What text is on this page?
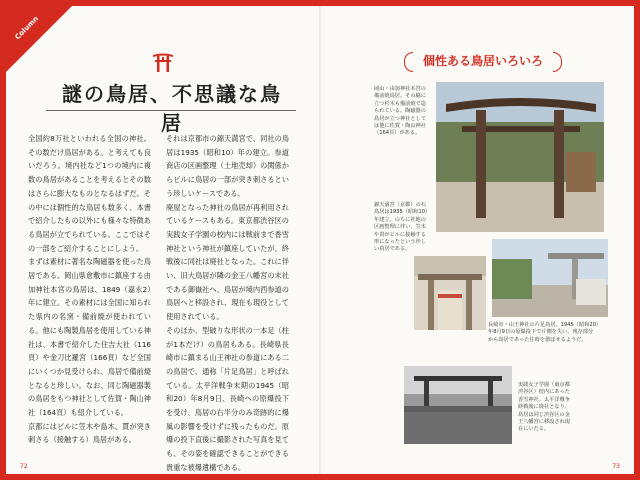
Column
謎の鳥居、不思議な鳥居

全国約8万社といわれる全国の神社。その数だけ鳥居がある。と考えても良いだろう。境内社など1つの境内に複数の鳥居があることを考えるとその数はさらに膨大なものとなるはずだ。その中には個性的な鳥居も数多く、本書で紹介したもの以外にも様々な特徴ある鳥居が立てられている。ここではその一部をご紹介することにしよう。

まずは素材に著名な陶磁器を使った鳥居である。岡山県倉敷市に鎮座する由加神社本宮の鳥居は、1849（嘉永2）年に建立。その素材には全国に知られた県内の名窯・備前焼が使われている。他にも陶製鳥居を使用している神社は、本書で紹介した住吉大社（116頁）や金刀比羅宮（166頁）など全国にいくつか見受けられ、鳥居で備前焼となると珍しい。なお、同じ陶磁器製の鳥居をもつ神社として佐賀・陶山神社（164頁）も紹介している。

京都にはビルに笠木や島木、貫が突き刺さる（接触する）鳥居がある。

それは京都市の錦天満宮で、同社の鳥居は1935（昭和10）年の建立。参道商店の区画整理（土地売却）の関係からビルに鳥居の一部が突き刺さるという珍しいケースである。

廃屋となった神社の鳥居が再利用されているケースもある。東京都渋谷区の実践女子学園の校内には戦前まで香雪神社という神社が鎮座していたが、終戦後に同社は廃社となった。これに伴い、旧大鳥居が隣の金王八幡宮の末社である御嶽社へ、鳥居が境内西参道の鳥居へと移設され、現在も現役として使用されている。

そのほか、型破りな形状の一本足（柱が1本だけ）の鳥居もある。長崎県長崎市に鎮まる山王神社の参道にある二の鳥居で、通称「片足鳥居」と呼ばれている。太平洋戦争末期の1945（昭和20）年8月9日、長崎への原爆投下を受け、鳥居の右半分のみ奇跡的に爆風の影響を受けずに残ったものだ。原爆の投下直後に撮影された写真を見ても、その姿を確認できることができる貴重な被爆遺構である。

72
個性ある鳥居いろいろ
岡山・由加神社本宮の
備前焼鳥居。その脇に
立つ杉木も備前焼で造
られている。陶磁器の
鳥居が立つ神社として
は他に佐賀・陶山神社
（164頁）がある。
錦天満宮（京都）の石
鳥居は1935（昭和10）
年建立。のちに社地の
区画整理に伴い、笠木
や貫がビルに接触する
形になったという珍し
い鳥居である。
長崎市・山王神社の片足鳥居。1945（昭和20）
年8月9日の原爆投下で片側を失い、残存部分
から鳥居であった往時を偲ばせるようだ。
実践女子学園（東京都
渋谷区）校内にあった
香雪神社。太平洋戦争
終戦後に廃社となり、
鳥居は同じ渋谷区の金
王八幡宮に移設され現
在にいたる。
73
